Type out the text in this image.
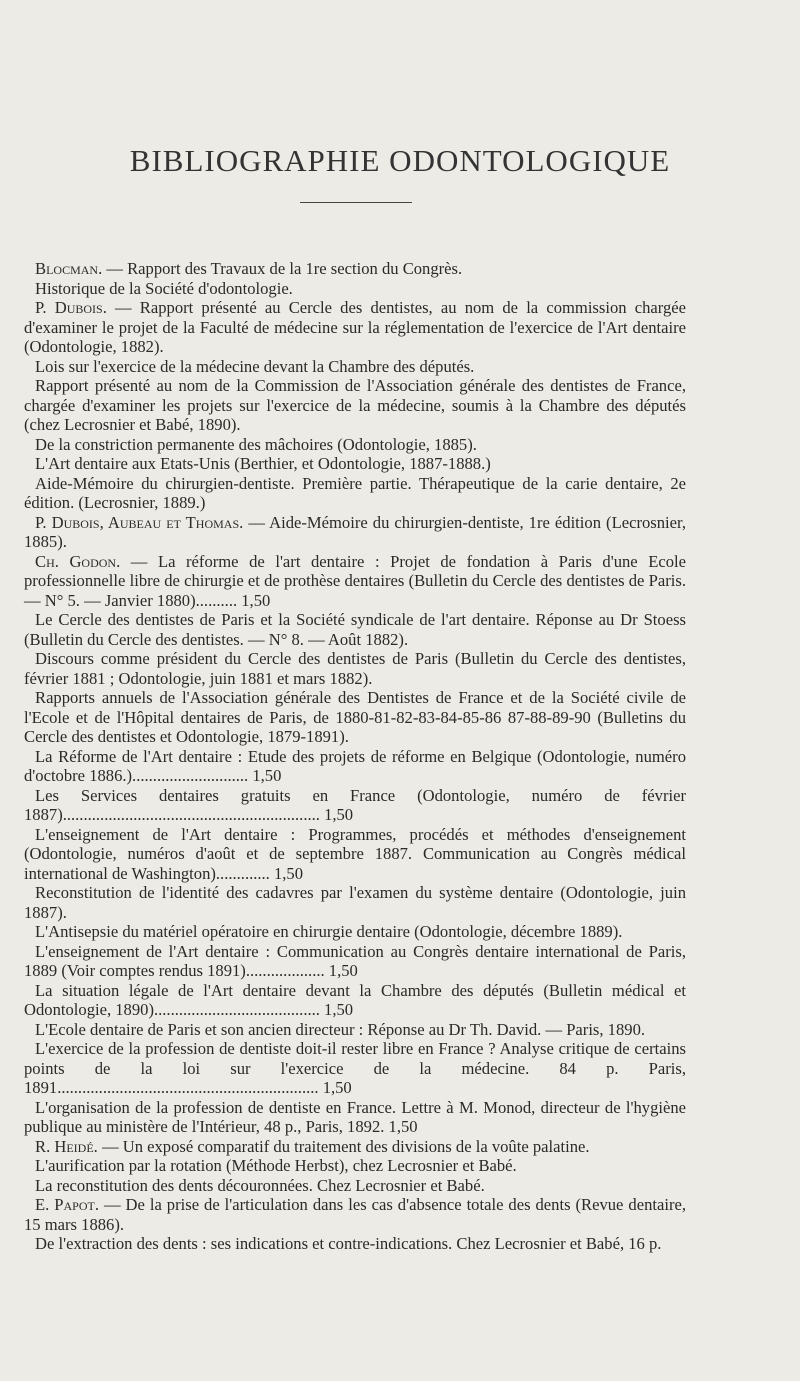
BIBLIOGRAPHIE ODONTOLOGIQUE
Blocman. — Rapport des Travaux de la 1re section du Congrès.
Historique de la Société d'odontologie.
P. Dubois. — Rapport présenté au Cercle des dentistes, au nom de la commission chargée d'examiner le projet de la Faculté de médecine sur la réglementation de l'exercice de l'Art dentaire (Odontologie, 1882).
Lois sur l'exercice de la médecine devant la Chambre des députés.
Rapport présenté au nom de la Commission de l'Association générale des dentistes de France, chargée d'examiner les projets sur l'exercice de la médecine, soumis à la Chambre des députés (chez Lecrosnier et Babé, 1890).
De la constriction permanente des mâchoires (Odontologie, 1885).
L'Art dentaire aux Etats-Unis (Berthier, et Odontologie, 1887-1888.)
Aide-Mémoire du chirurgien-dentiste. Première partie. Thérapeutique de la carie dentaire, 2e édition. (Lecrosnier, 1889.)
P. Dubois, Aubeau et Thomas. — Aide-Mémoire du chirurgien-dentiste, 1re édition (Lecrosnier, 1885).
Ch. Godon. — La réforme de l'art dentaire : Projet de fondation à Paris d'une Ecole professionnelle libre de chirurgie et de prothèse dentaires (Bulletin du Cercle des dentistes de Paris. — N° 5. — Janvier 1880).......... 1,50
Le Cercle des dentistes de Paris et la Société syndicale de l'art dentaire. Réponse au Dr Stoess (Bulletin du Cercle des dentistes. — N° 8. — Août 1882).
Discours comme président du Cercle des dentistes de Paris (Bulletin du Cercle des dentistes, février 1881 ; Odontologie, juin 1881 et mars 1882).
Rapports annuels de l'Association générale des Dentistes de France et de la Société civile de l'Ecole et de l'Hôpital dentaires de Paris, de 1880-81-82-83-84-85-86 87-88-89-90 (Bulletins du Cercle des dentistes et Odontologie, 1879-1891).
La Réforme de l'Art dentaire : Etude des projets de réforme en Belgique (Odontologie, numéro d'octobre 1886.)............................ 1,50
Les Services dentaires gratuits en France (Odontologie, numéro de février 1887).............................................................. 1,50
L'enseignement de l'Art dentaire : Programmes, procédés et méthodes d'enseignement (Odontologie, numéros d'août et de septembre 1887. Communication au Congrès médical international de Washington)............. 1,50
Reconstitution de l'identité des cadavres par l'examen du système dentaire (Odontologie, juin 1887).
L'Antisepsie du matériel opératoire en chirurgie dentaire (Odontologie, décembre 1889).
L'enseignement de l'Art dentaire : Communication au Congrès dentaire international de Paris, 1889 (Voir comptes rendus 1891)................... 1,50
La situation légale de l'Art dentaire devant la Chambre des députés (Bulletin médical et Odontologie, 1890)........................................ 1,50
L'Ecole dentaire de Paris et son ancien directeur : Réponse au Dr Th. David. — Paris, 1890.
L'exercice de la profession de dentiste doit-il rester libre en France ? Analyse critique de certains points de la loi sur l'exercice de la médecine. 84 p. Paris, 1891............................................................... 1,50
L'organisation de la profession de dentiste en France. Lettre à M. Monod, directeur de l'hygiène publique au ministère de l'Intérieur, 48 p., Paris, 1892. 1,50
R. Heidé. — Un exposé comparatif du traitement des divisions de la voûte palatine.
L'aurification par la rotation (Méthode Herbst), chez Lecrosnier et Babé.
La reconstitution des dents découronnées. Chez Lecrosnier et Babé.
E. Papot. — De la prise de l'articulation dans les cas d'absence totale des dents (Revue dentaire, 15 mars 1886).
De l'extraction des dents : ses indications et contre-indications. Chez Lecrosnier et Babé, 16 p.
